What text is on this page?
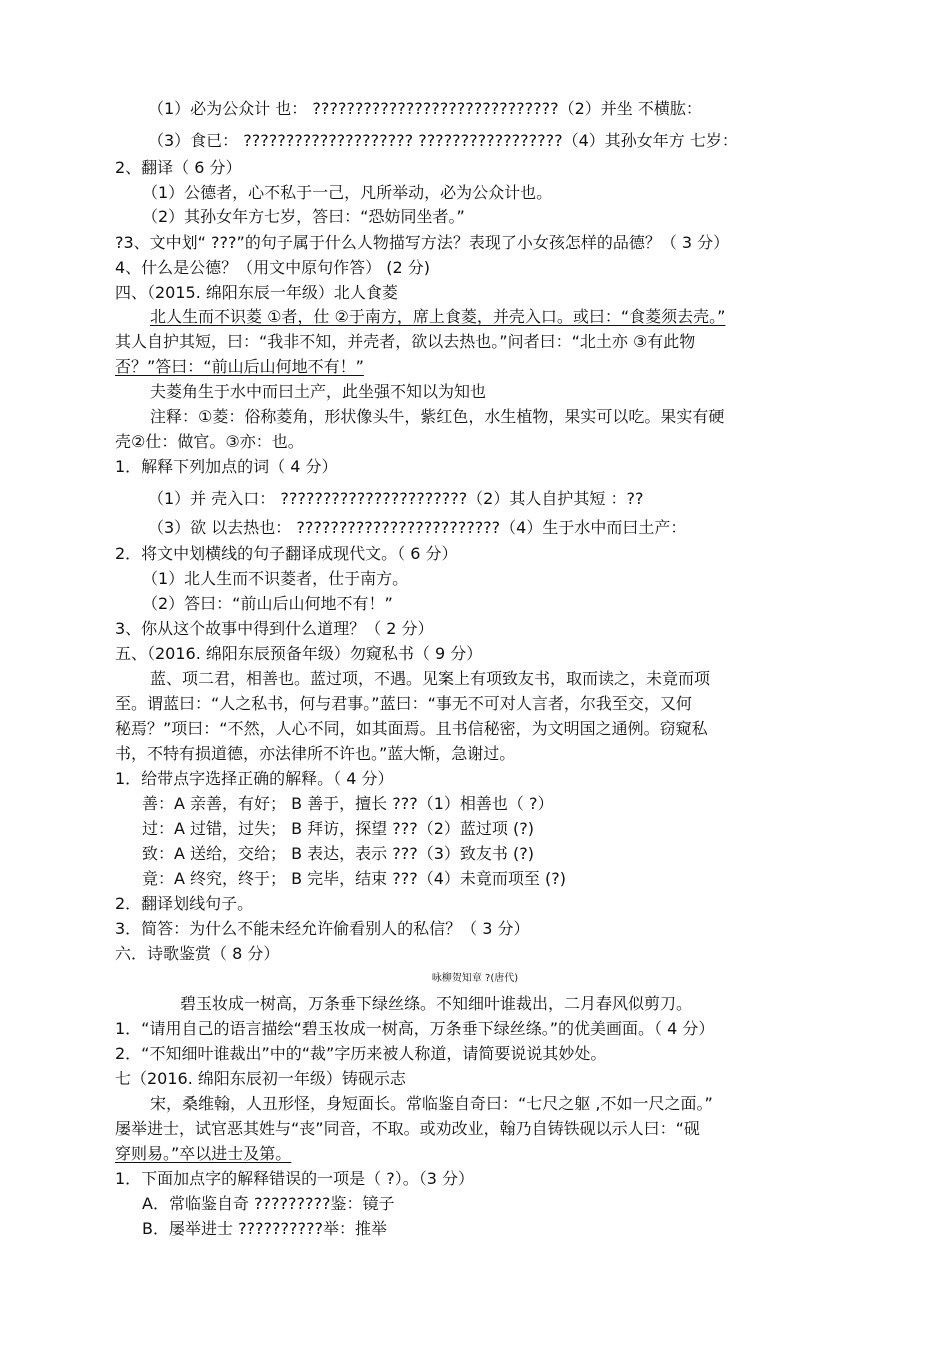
（1）必为公众计 也： ?????????????????????????????（2）并坐 不横肱：
（3）食已： ???????????????????? ?????????????????（4）其孙女年方 七岁：
2、翻译（ 6 分）
（1）公德者，心不私于一己，凡所举动，必为公众计也。
（2）其孙女年方七岁，答曰：“恐妨同坐者。”
?3、文中划“ ???”的句子属于什么人物描写方法？表现了小女孩怎样的品德？（ 3 分）
4、什么是公德？（用文中原句作答） (2 分)
四、（2015. 绵阳东辰一年级）北人食菱
北人生而不识菱 ①者，仕 ②于南方，席上食菱，并壳入口。或曰：“食菱须去壳。”
其人自护其短，曰：“我非不知，并壳者，欲以去热也。”问者曰：“北土亦 ③有此物
否？”答曰：“前山后山何地不有！”
夫菱角生于水中而曰土产，此坐强不知以为知也
注释：①菱：俗称菱角，形状像头牛，紫红色，水生植物，果实可以吃。果实有硬
壳②仕：做官。③亦：也。
1．解释下列加点的词（ 4 分）
（1）并 壳入口： ??????????????????????（2）其人自护其短 ：??
（3）欲 以去热也： ????????????????????????（4）生于水中而曰土产：
2．将文中划横线的句子翻译成现代文。（ 6 分）
（1）北人生而不识菱者，仕于南方。
（2）答曰：“前山后山何地不有！”
3、你从这个故事中得到什么道理？（ 2 分）
五、（2016. 绵阳东辰预备年级）勿窥私书（ 9 分）
蓝、项二君，相善也。蓝过项，不遇。见案上有项致友书，取而读之，未竟而项
至。谓蓝曰：“人之私书，何与君事。”蓝曰：“事无不可对人言者，尔我至交，又何
秘焉？”项曰：“不然，人心不同，如其面焉。且书信秘密，为文明国之通例。窃窥私
书，不特有损道德，亦法律所不许也。”蓝大惭，急谢过。
1．给带点字选择正确的解释。（ 4 分）
善：A 亲善，有好； B 善于，擅长 ???（1）相善也（ ?）
过：A 过错，过失； B 拜访，探望 ???（2）蓝过项 (?)
致：A 送给，交给； B 表达，表示 ???（3）致友书 (?)
竟：A 终究，终于； B 完毕，结束 ???（4）未竟而项至 (?)
2．翻译划线句子。
3．简答：为什么不能未经允许偷看别人的私信？（ 3 分）
六．诗歌鉴赏（ 8 分）
咏柳贺知章 ?(唐代)
碧玉妆成一树高，万条垂下绿丝绦。不知细叶谁裁出，二月春风似剪刀。
1．“请用自己的语言描绘“碧玉妆成一树高，万条垂下绿丝绦。”的优美画面。（ 4 分）
2．“不知细叶谁裁出”中的“裁”字历来被人称道，请简要说说其妙处。
七（2016. 绵阳东辰初一年级）铸砚示志
宋，桑维翰，人丑形怪，身短面长。常临鉴自奇曰：“七尺之躯 ,不如一尺之面。”
屡举进士，试官恶其姓与“丧”同音，不取。或劝改业，翰乃自铸铁砚以示人曰：“砚
穿则易。”卒以进士及第。
1．下面加点字的解释错误的一项是（ ?）。（3 分）
A．常临鉴自奇 ?????????鉴：镜子
B．屡举进士 ??????????举：推举
